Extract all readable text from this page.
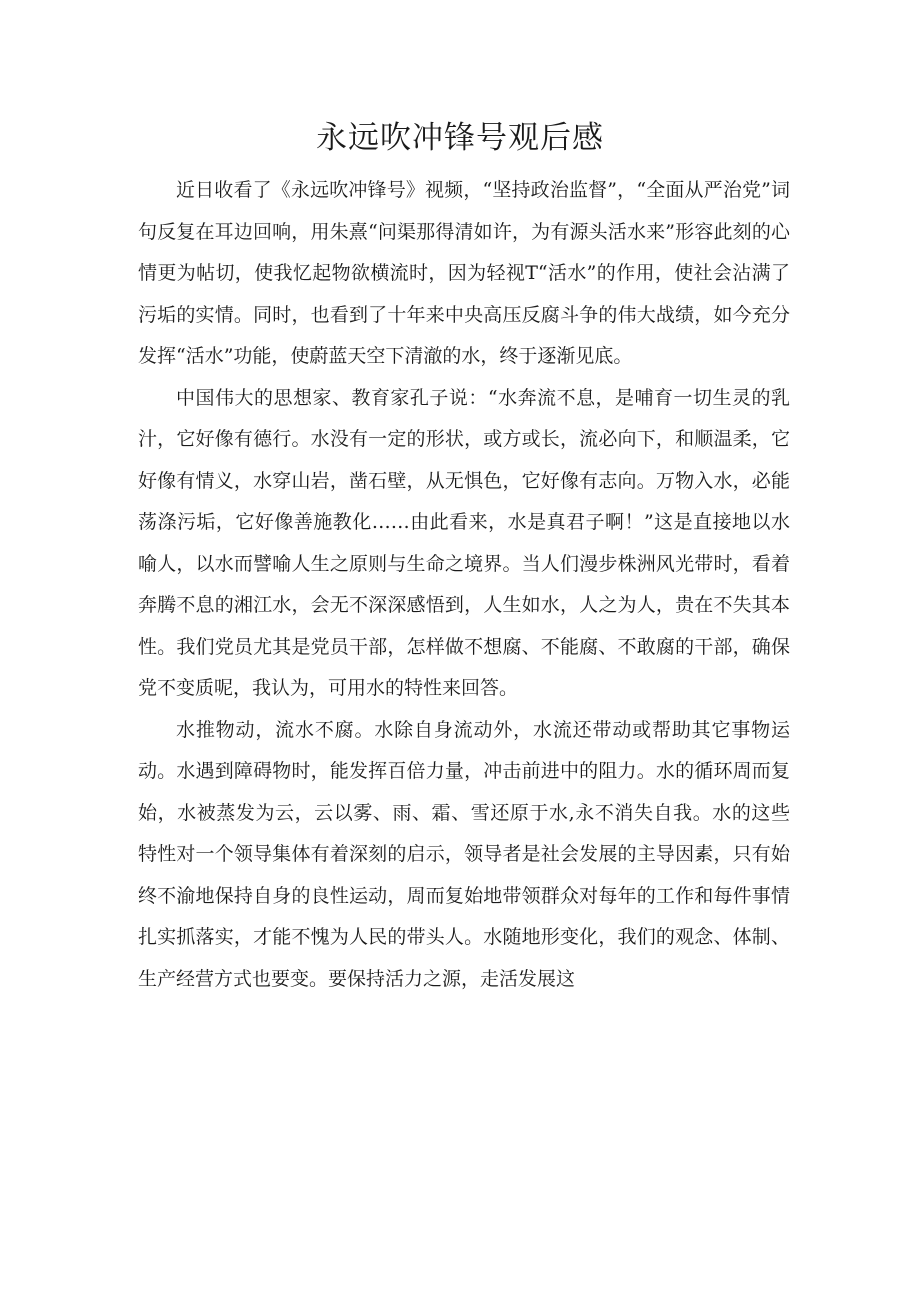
永远吹冲锋号观后感

近日收看了《永远吹冲锋号》视频，“坚持政治监督”，“全面从严治党”词句反复在耳边回响，用朱熹“问渠那得清如许，为有源头活水来”形容此刻的心情更为帖切，使我忆起物欲横流时，因为轻视T“活水”的作用，使社会沾满了污垢的实情。同时，也看到了十年来中央高压反腐斗争的伟大战绩，如今充分发挥“活水”功能，使蔚蓝天空下清澈的水，终于逐渐见底。

中国伟大的思想家、教育家孔子说：“水奔流不息，是哺育一切生灵的乳汁，它好像有德行。水没有一定的形状，或方或长，流必向下，和顺温柔，它好像有情义，水穿山岩，凿石壁，从无惧色，它好像有志向。万物入水，必能荡涤污垢，它好像善施教化……由此看来，水是真君子啊！”这是直接地以水喻人，以水而譬喻人生之原则与生命之境界。当人们漫步株洲风光带时，看着奔腾不息的湘江水，会无不深深感悟到，人生如水，人之为人，贵在不失其本性。我们党员尤其是党员干部，怎样做不想腐、不能腐、不敢腐的干部，确保党不变质呢，我认为，可用水的特性来回答。

水推物动，流水不腐。水除自身流动外，水流还带动或帮助其它事物运动。水遇到障碍物时，能发挥百倍力量，冲击前进中的阻力。水的循环周而复始，水被蒸发为云，云以雾、雨、霜、雪还原于水,永不消失自我。水的这些特性对一个领导集体有着深刻的启示，领导者是社会发展的主导因素，只有始终不渝地保持自身的良性运动，周而复始地带领群众对每年的工作和每件事情扎实抓落实，才能不愧为人民的带头人。水随地形变化，我们的观念、体制、生产经营方式也要变。要保持活力之源，走活发展这
